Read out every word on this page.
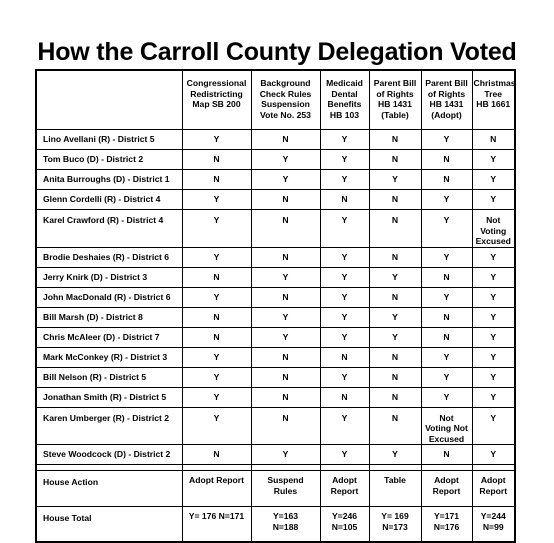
How the Carroll County Delegation Voted
	Congressional
Redistricting
Map SB 200	Background
Check Rules
Suspension
Vote No. 253	Medicaid
Dental
Benefits
HB 103	Parent Bill
of Rights
HB 1431
(Table)	Parent Bill
of Rights
HB 1431
(Adopt)	Christmas
Tree
HB 1661
Lino Avellani (R) - District 5	Y	N	Y	N	Y	N
Tom Buco (D) - District 2	N	Y	Y	N	N	Y
Anita Burroughs (D) - District 1	N	Y	Y	Y	N	Y
Glenn Cordelli (R) - District 4	Y	N	N	N	Y	Y
Karel Crawford (R) - District 4	Y	N	Y	N	Y	Not Voting
Excused
Brodie Deshaies (R) - District 6	Y	N	Y	N	Y	Y
Jerry Knirk (D) - District 3	N	Y	Y	Y	N	Y
John MacDonald (R) - District 6	Y	N	Y	N	Y	Y
Bill Marsh (D) - District 8	N	Y	Y	Y	N	Y
Chris McAleer (D) - District 7	N	Y	Y	Y	N	Y
Mark McConkey (R) - District 3	Y	N	N	N	Y	Y
Bill Nelson (R) - District 5	Y	N	Y	N	Y	Y
Jonathan Smith (R) - District 5	Y	N	N	N	Y	Y
Karen Umberger (R) - District 2	Y	N	Y	N	Not
Voting Not
Excused	Y
Steve Woodcock (D) - District 2	N	Y	Y	Y	N	Y

House Action	Adopt Report	Suspend
Rules	Adopt
Report	Table	Adopt
Report	Adopt
Report
House Total	Y= 176 N=171	Y=163
N=188	Y=246
N=105	Y= 169
N=173	Y=171
N=176	Y=244
N=99
